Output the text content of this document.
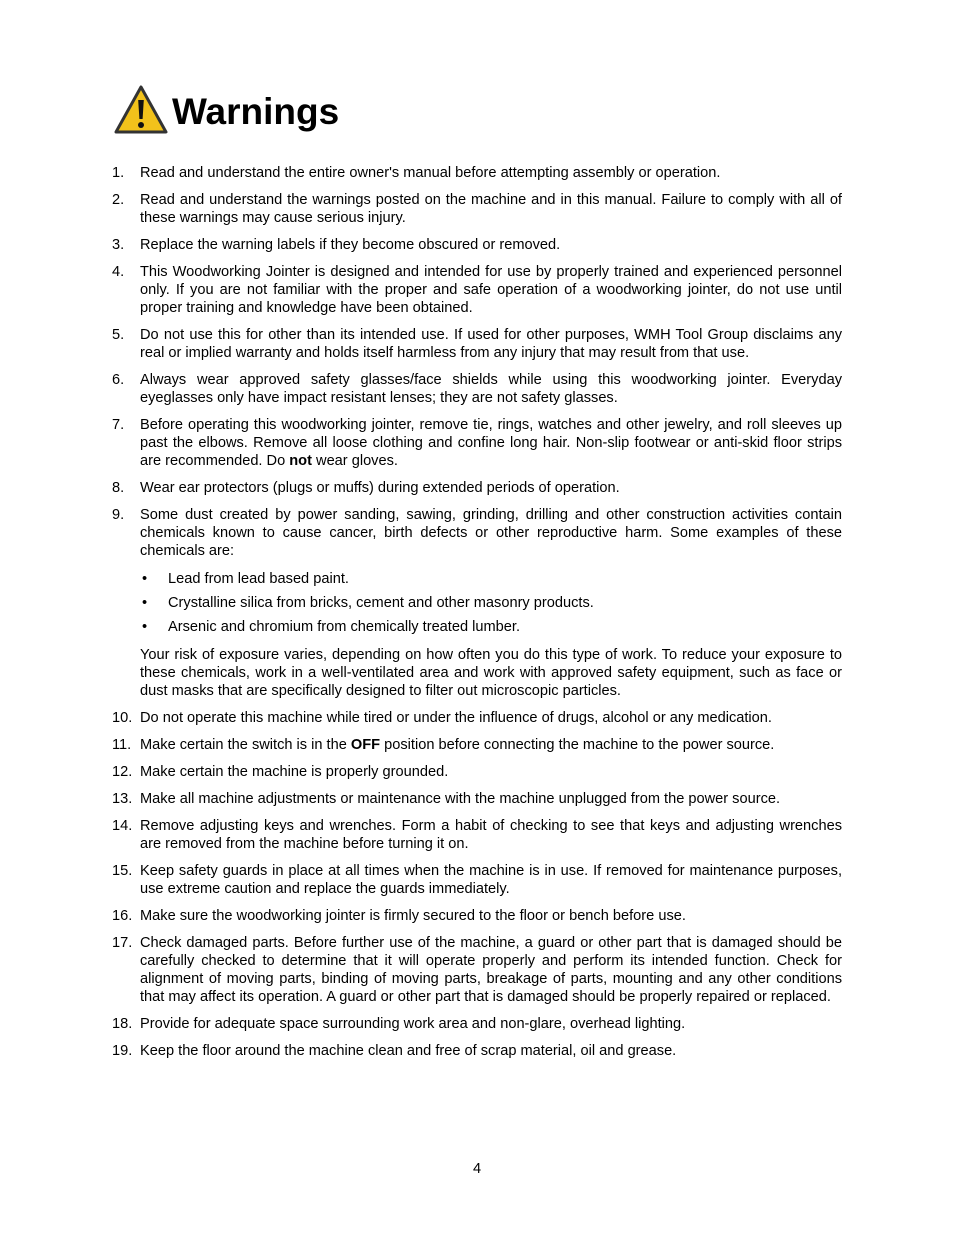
Warnings
1.	Read and understand the entire owner's manual before attempting assembly or operation.
2.	Read and understand the warnings posted on the machine and in this manual. Failure to comply with all of these warnings may cause serious injury.
3.	Replace the warning labels if they become obscured or removed.
4.	This Woodworking Jointer is designed and intended for use by properly trained and experienced personnel only. If you are not familiar with the proper and safe operation of a woodworking jointer, do not use until proper training and knowledge have been obtained.
5.	Do not use this for other than its intended use. If used for other purposes, WMH Tool Group disclaims any real or implied warranty and holds itself harmless from any injury that may result from that use.
6.	Always wear approved safety glasses/face shields while using this woodworking jointer. Everyday eyeglasses only have impact resistant lenses; they are not safety glasses.
7.	Before operating this woodworking jointer, remove tie, rings, watches and other jewelry, and roll sleeves up past the elbows. Remove all loose clothing and confine long hair. Non-slip footwear or anti-skid floor strips are recommended. Do not wear gloves.
8.	Wear ear protectors (plugs or muffs) during extended periods of operation.
9.	Some dust created by power sanding, sawing, grinding, drilling and other construction activities contain chemicals known to cause cancer, birth defects or other reproductive harm. Some examples of these chemicals are:
•	Lead from lead based paint.
•	Crystalline silica from bricks, cement and other masonry products.
•	Arsenic and chromium from chemically treated lumber.
Your risk of exposure varies, depending on how often you do this type of work. To reduce your exposure to these chemicals, work in a well-ventilated area and work with approved safety equipment, such as face or dust masks that are specifically designed to filter out microscopic particles.
10. Do not operate this machine while tired or under the influence of drugs, alcohol or any medication.
11. Make certain the switch is in the OFF position before connecting the machine to the power source.
12. Make certain the machine is properly grounded.
13. Make all machine adjustments or maintenance with the machine unplugged from the power source.
14. Remove adjusting keys and wrenches. Form a habit of checking to see that keys and adjusting wrenches are removed from the machine before turning it on.
15. Keep safety guards in place at all times when the machine is in use. If removed for maintenance purposes, use extreme caution and replace the guards immediately.
16. Make sure the woodworking jointer is firmly secured to the floor or bench before use.
17. Check damaged parts. Before further use of the machine, a guard or other part that is damaged should be carefully checked to determine that it will operate properly and perform its intended function. Check for alignment of moving parts, binding of moving parts, breakage of parts, mounting and any other conditions that may affect its operation. A guard or other part that is damaged should be properly repaired or replaced.
18. Provide for adequate space surrounding work area and non-glare, overhead lighting.
19. Keep the floor around the machine clean and free of scrap material, oil and grease.
4
